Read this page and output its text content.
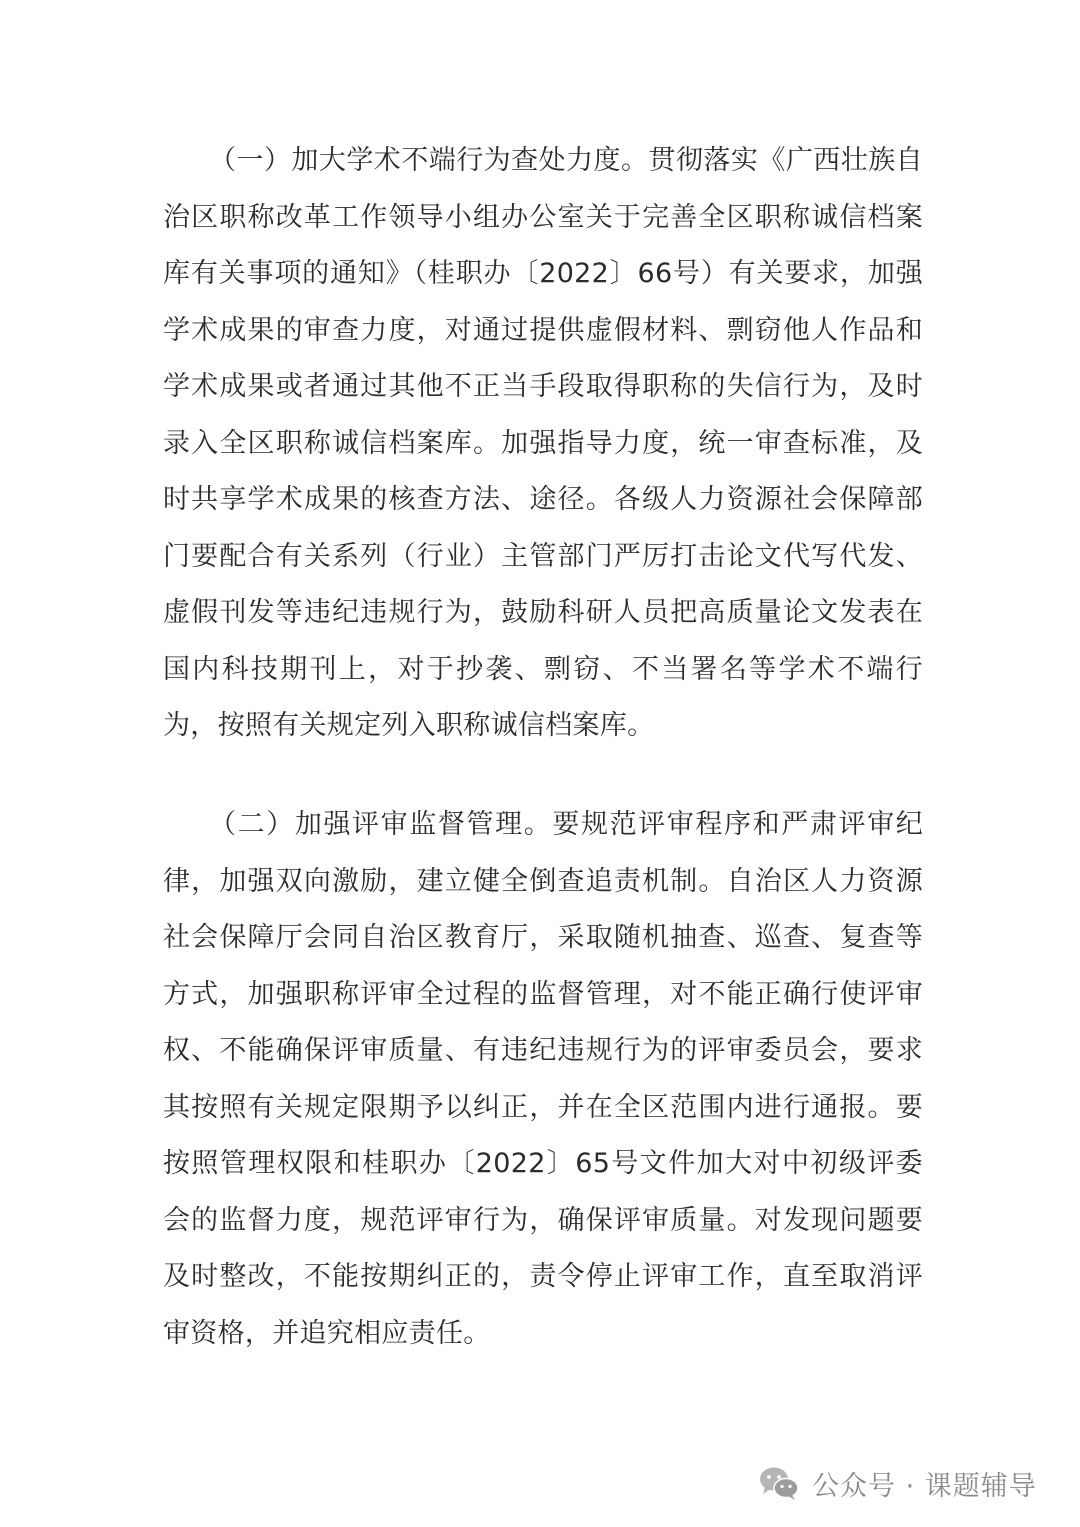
（一）加大学术不端行为查处力度。贯彻落实《广西壮族自治区职称改革工作领导小组办公室关于完善全区职称诚信档案库有关事项的通知》（桂职办〔2022〕66号）有关要求，加强学术成果的审查力度，对通过提供虚假材料、剽窃他人作品和学术成果或者通过其他不正当手段取得职称的失信行为，及时录入全区职称诚信档案库。加强指导力度，统一审查标准，及时共享学术成果的核查方法、途径。各级人力资源社会保障部门要配合有关系列（行业）主管部门严厉打击论文代写代发、虚假刊发等违纪违规行为，鼓励科研人员把高质量论文发表在国内科技期刊上，对于抄袭、剽窃、不当署名等学术不端行为，按照有关规定列入职称诚信档案库。

（二）加强评审监督管理。要规范评审程序和严肃评审纪律，加强双向激励，建立健全倒查追责机制。自治区人力资源社会保障厅会同自治区教育厅，采取随机抽查、巡查、复查等方式，加强职称评审全过程的监督管理，对不能正确行使评审权、不能确保评审质量、有违纪违规行为的评审委员会，要求其按照有关规定限期予以纠正，并在全区范围内进行通报。要按照管理权限和桂职办〔2022〕65号文件加大对中初级评委会的监督力度，规范评审行为，确保评审质量。对发现问题要及时整改，不能按期纠正的，责令停止评审工作，直至取消评审资格，并追究相应责任。

公众号 · 课题辅导
